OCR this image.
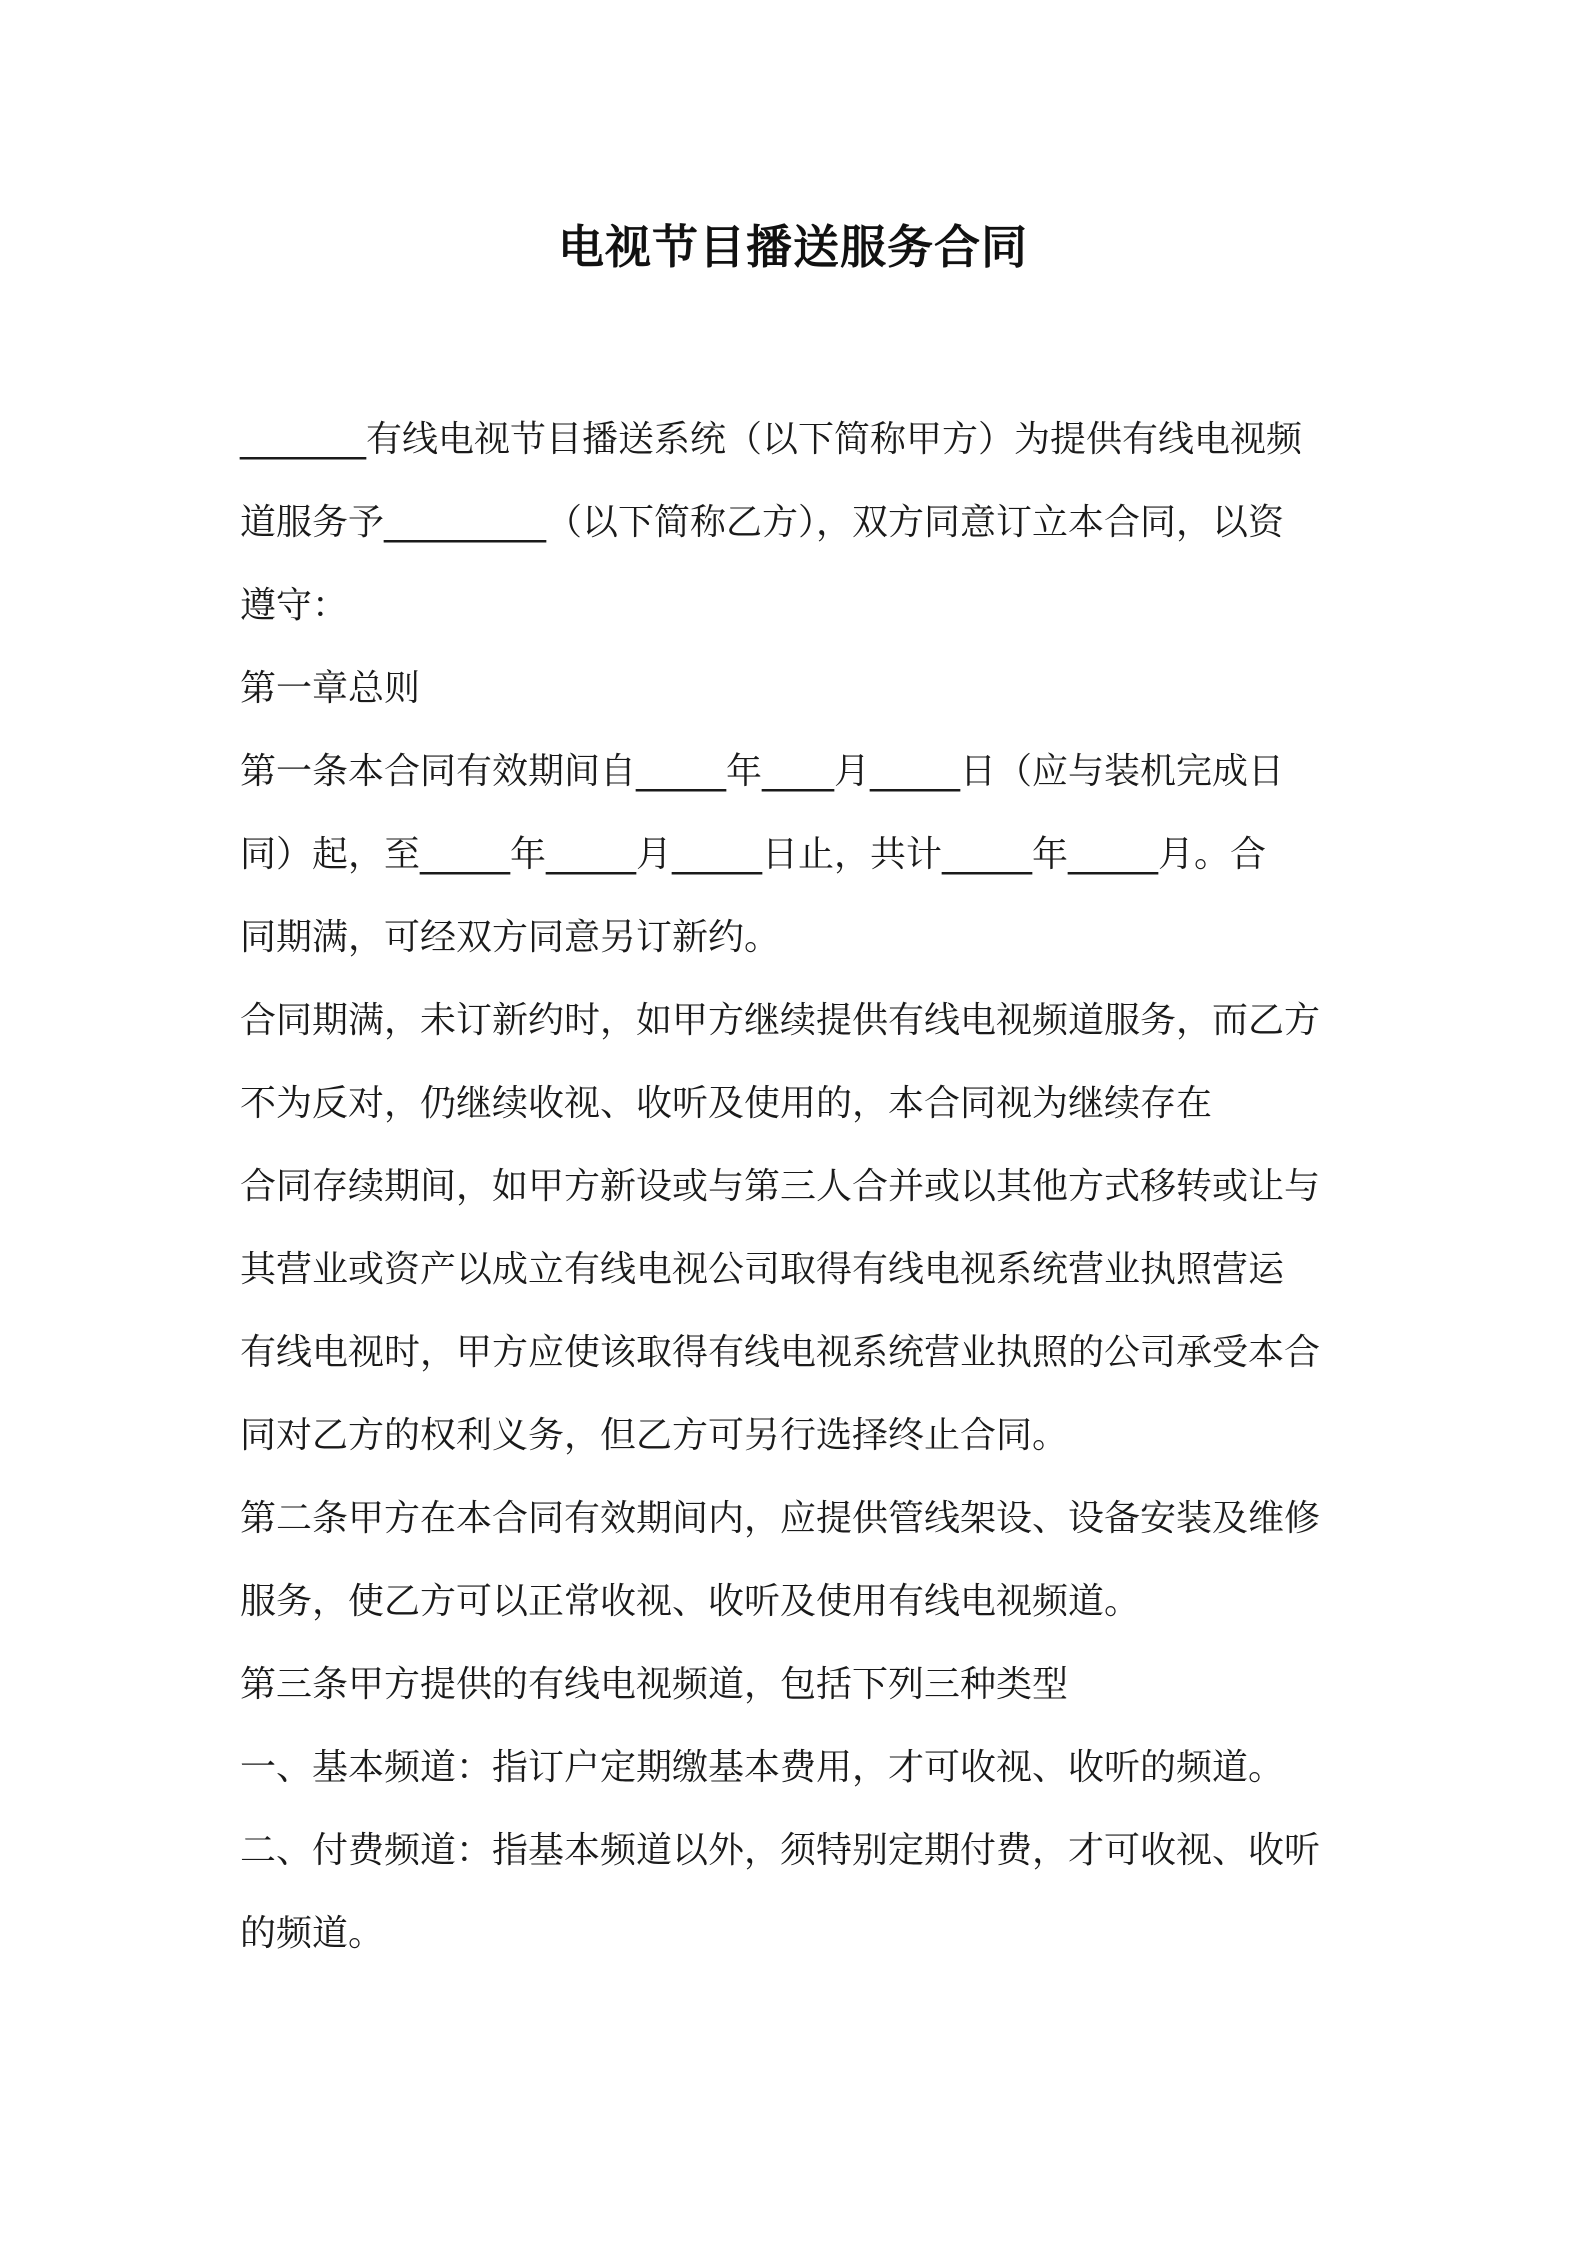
电视节目播送服务合同
_______有线电视节目播送系统（以下简称甲方）为提供有线电视频
道服务予_________（以下简称乙方），双方同意订立本合同，以资
遵守：
第一章总则
第一条本合同有效期间自_____年____月_____日（应与装机完成日
同）起，至_____年_____月_____日止，共计_____年_____月。合
同期满，可经双方同意另订新约。
合同期满，未订新约时，如甲方继续提供有线电视频道服务，而乙方
不为反对，仍继续收视、收听及使用的，本合同视为继续存在
合同存续期间，如甲方新设或与第三人合并或以其他方式移转或让与
其营业或资产以成立有线电视公司取得有线电视系统营业执照营运
有线电视时，甲方应使该取得有线电视系统营业执照的公司承受本合
同对乙方的权利义务，但乙方可另行选择终止合同。
第二条甲方在本合同有效期间内，应提供管线架设、设备安装及维修
服务，使乙方可以正常收视、收听及使用有线电视频道。
第三条甲方提供的有线电视频道，包括下列三种类型
一、基本频道：指订户定期缴基本费用，才可收视、收听的频道。
二、付费频道：指基本频道以外，须特别定期付费，才可收视、收听
的频道。
